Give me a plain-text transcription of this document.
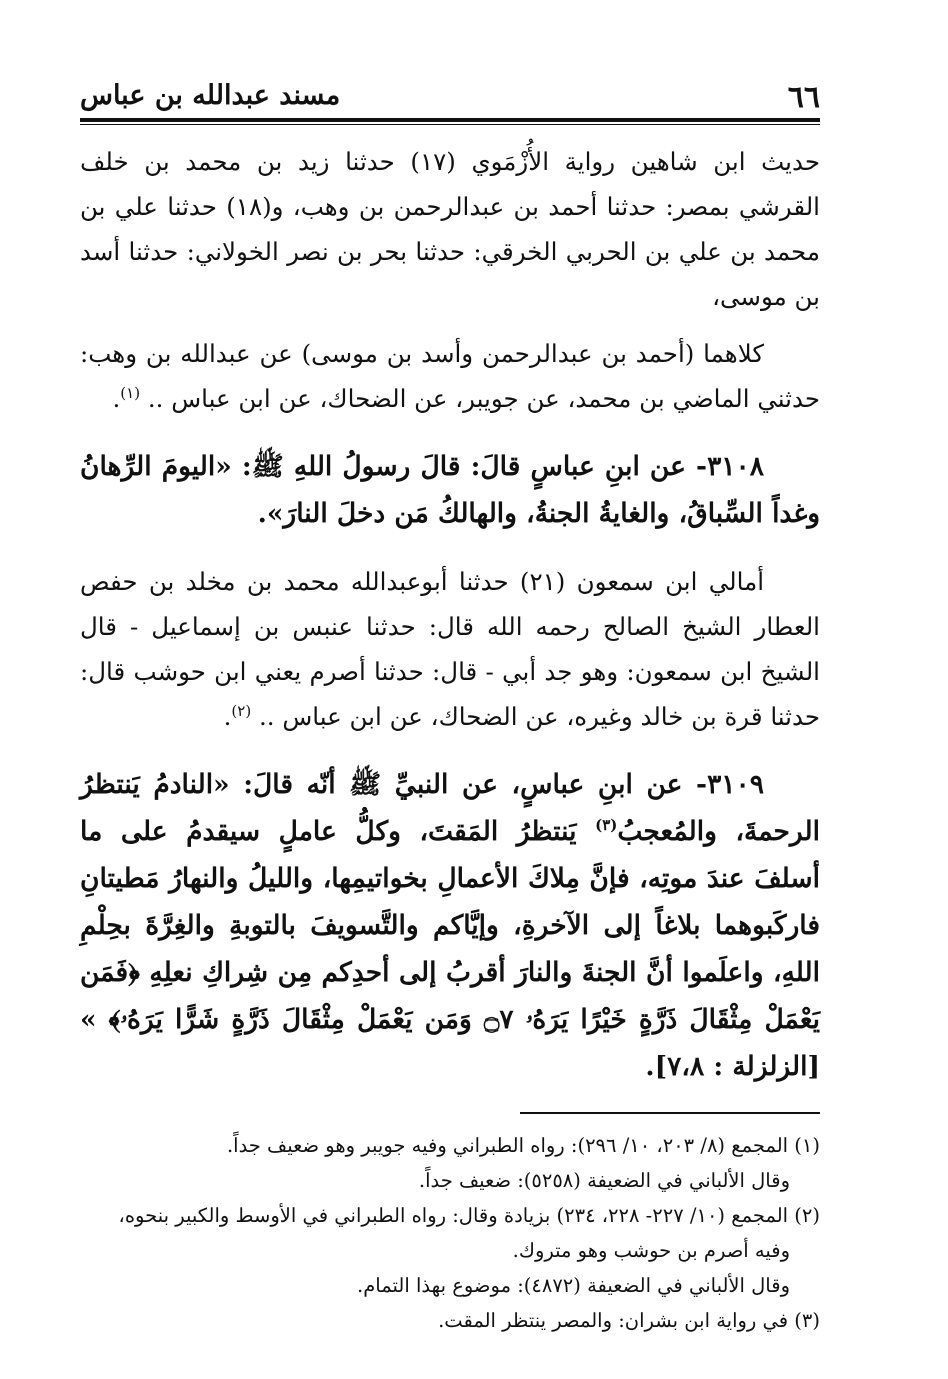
٦٦
مسند عبدالله بن عباس

حديث ابن شاهين رواية الأُزْمَوي (١٧) حدثنا زيد بن محمد بن خلف القرشي بمصر: حدثنا أحمد بن عبدالرحمن بن وهب، و(١٨) حدثنا علي بن محمد بن علي بن الحربي الخرقي: حدثنا بحر بن نصر الخولاني: حدثنا أسد بن موسى،

كلاهما (أحمد بن عبدالرحمن وأسد بن موسى) عن عبدالله بن وهب: حدثني الماضي بن محمد، عن جويبر، عن الضحاك، عن ابن عباس .. $^{(١)}$.

٣١٠٨- عن ابنِ عباسٍ قالَ: قالَ رسولُ اللهِ ﷺ: «اليومَ الرِّهانُ وغداً السِّباقُ، والغايةُ الجنةُ، والهالكُ مَن دخلَ النارَ».

أمالي ابن سمعون (٢١) حدثنا أبوعبدالله محمد بن مخلد بن حفص العطار الشيخ الصالح رحمه الله قال: حدثنا عنبس بن إسماعيل - قال الشيخ ابن سمعون: وهو جد أبي - قال: حدثنا أصرم يعني ابن حوشب قال: حدثنا قرة بن خالد وغيره، عن الضحاك، عن ابن عباس .. $^{(٢)}$.

٣١٠٩- عن ابنِ عباسٍ، عن النبيِّ ﷺ أنّه قالَ: «النادمُ يَنتظرُ الرحمةَ، والمُعجبُ$^{(٣)}$ يَنتظرُ المَقتَ، وكلُّ عاملٍ سيقدمُ على ما أسلفَ عندَ موتِه، فإنَّ مِلاكَ الأعمالِ بخواتيمِها، والليلُ والنهارُ مَطيتانِ فاركَبوهما بلاغاً إلى الآخرةِ، وإيَّاكم والتَّسويفَ بالتوبةِ والغِرَّةَ بحِلْمِ اللهِ، واعلَموا أنَّ الجنةَ والنارَ أقربُ إلى أحدِكم مِن شِراكِ نعلِهِ ﴿فَمَن يَعْمَلْ مِثْقَالَ ذَرَّةٍ خَيْرًا يَرَهُۥ ۝٧ وَمَن يَعْمَلْ مِثْقَالَ ذَرَّةٍ شَرًّا يَرَهُۥ﴾ » [الزلزلة : ٧،٨].

(١) المجمع (٨/ ٢٠٣، ١٠/ ٢٩٦): رواه الطبراني وفيه جويبر وهو ضعيف جداً.
وقال الألباني في الضعيفة (٥٢٥٨): ضعيف جداً.
(٢) المجمع (١٠/ ٢٢٧- ٢٢٨، ٢٣٤) بزيادة وقال: رواه الطبراني في الأوسط والكبير بنحوه،
وفيه أصرم بن حوشب وهو متروك.
وقال الألباني في الضعيفة (٤٨٧٢): موضوع بهذا التمام.
(٣) في رواية ابن بشران: والمصر ينتظر المقت.
